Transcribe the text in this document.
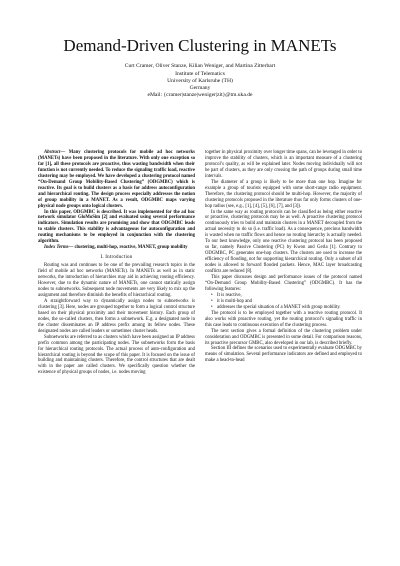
Demand-Driven Clustering in MANETs
Curt Cramer, Oliver Stanze, Kilian Weniger, and Martina Zitterbart
Institute of Telematics
University of Karlsruhe (TH)
Germany
eMail: {cramer|stanze|weniger|zit}@tm.uka.de

Abstract— Many clustering protocols for mobile ad hoc networks (MANETs) have been proposed in the literature. With only one exception so far [1], all these protocols are proactive, thus wasting bandwidth when their function is not currently needed. To reduce the signaling traffic load, reactive clustering may be employed. We have developed a clustering protocol named “On-Demand Group Mobility-Based Clustering” (ODGMBC) which is reactive. Its goal is to build clusters as a basis for address autoconfiguration and hierarchical routing. The design process especially addresses the notion of group mobility in a MANET. As a result, ODGMBC maps varying physical node groups onto logical clusters.

In this paper, ODGMBC is described. It was implemented for the ad hoc network simulator GloMoSim [2] and evaluated using several performance indicators. Simulation results are promising and show that ODGMBC leads to stable clusters. This stability is advantageous for autoconfiguration and routing mechanisms to be employed in conjunction with the clustering algorithm.

Index Terms— clustering, multi-hop, reactive, MANET, group mobility

I. Introduction

Routing was and continues to be one of the prevailing research topics in the field of mobile ad hoc networks (MANETs). In MANETs as well as in static networks, the introduction of hierarchies may aid in achieving routing efficiency. However, due to the dynamic nature of MANETs, one cannot statically assign nodes to subnetworks. Subsequent node movements are very likely to mix up the assignment and therefore diminish the benefits of hierarchical routing.

A straightforward way to dynamically assign nodes to subnetworks is clustering [3]. Here, nodes are grouped together to form a logical control structure based on their physical proximity and their movement history. Each group of nodes, the so-called clusters, then forms a subnetwork. E.g. a designated node in the cluster disseminates an IP address prefix among its fellow nodes. These designated nodes are called leaders or sometimes cluster heads.

Subnetworks are referred to as clusters which have been assigned an IP address prefix common among the participating nodes. The subnetworks form the basis for hierarchical routing protocols. The actual process of auto-configuration and hierarchical routing is beyond the scope of this paper. It is focused on the issue of building and maintaining clusters. Therefore, the control structures that are dealt with in the paper are called clusters. We specifically question whether the existence of physical groups of nodes, i.e. nodes moving

together in physical proximity over longer time spans, can be leveraged in order to improve the stability of clusters, which is an important measure of a clustering protocol’s quality, as will be explained later. Nodes moving individually will not be part of clusters, as they are only crossing the path of groups during small time intervals.

The diameter of a group is likely to be more than one hop. Imagine for example a group of tourists equipped with some short-range radio equipment. Therefore, the clustering protocol should be multi-hop. However, the majority of clustering protocols proposed in the literature thus far only forms clusters of one-hop radius (see, e.g., [1], [4], [5], [6], [7], and [3]).

In the same way as routing protocols can be classified as being either reactive or proactive, clustering protocols may be as well. A proactive clustering protocol continuously tries to build and maintain clusters in a MANET decoupled from the actual necessity to do so (i.e. traffic load). As a consequence, precious bandwidth is wasted when no traffic flows and hence no routing hierarchy is actually needed. To our best knowledge, only one reactive clustering protocol has been proposed so far, namely Passive Clustering (PC) by Kwon and Gerla [1]. Contrary to ODGMBC, PC generates one-hop clusters. The clusters are used to increase the efficiency of flooding, not for supporting hierarchical routing. Only a subset of all nodes is allowed to forward flooded packets. Hence, MAC layer broadcasting conflicts are reduced [8].

This paper discusses design and performance issues of the protocol named “On-Demand Group Mobility-Based Clustering” (ODGMBC). It has the following features:

• It is reactive,
• it is multi-hop and
• addresses the special situation of a MANET with group mobility.

The protocol is to be employed together with a reactive routing protocol. It also works with proactive routing, yet the routing protocol’s signaling traffic in this case leads to continuous execution of the clustering process.

The next section gives a formal definition of the clustering problem under consideration and ODGMBC is presented in some detail. For comparison reasons, its proactive precursor GMBC, also developed in our lab, is described briefly.

Section III defines the scenarios used to experimentally evaluate ODGMBC by means of simulation. Several performance indicators are defined and employed to make a head-to-head
